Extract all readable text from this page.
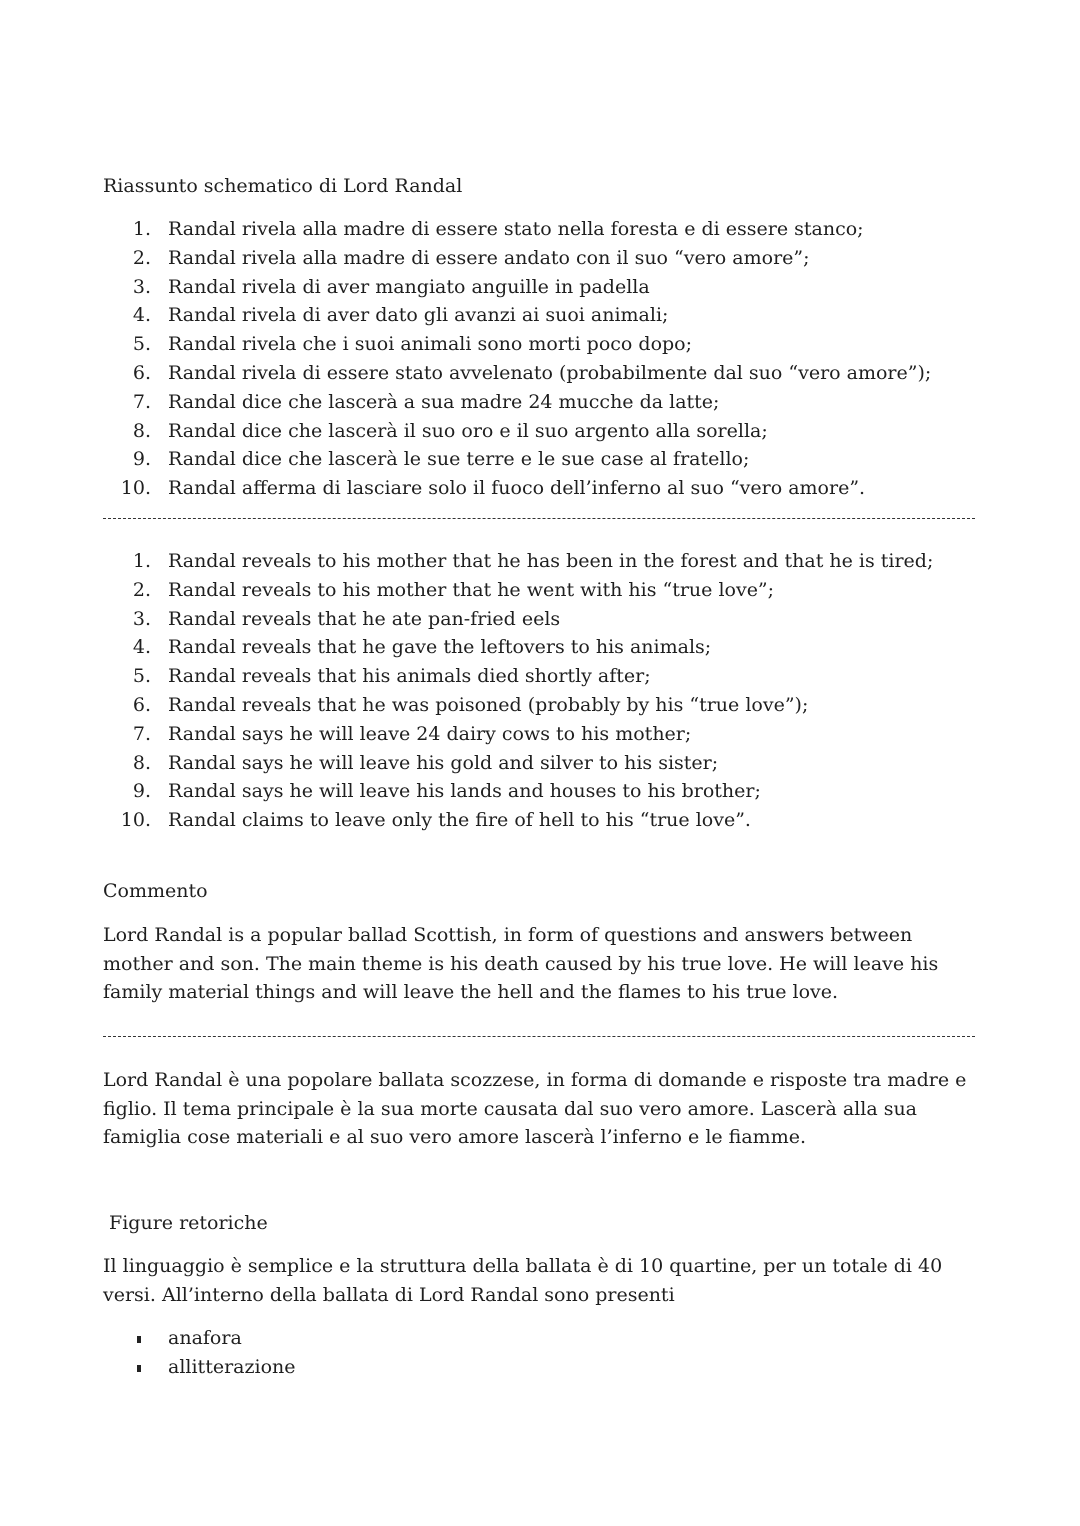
Riassunto schematico di Lord Randal

1. Randal rivela alla madre di essere stato nella foresta e di essere stanco;
2. Randal rivela alla madre di essere andato con il suo “vero amore”;
3. Randal rivela di aver mangiato anguille in padella
4. Randal rivela di aver dato gli avanzi ai suoi animali;
5. Randal rivela che i suoi animali sono morti poco dopo;
6. Randal rivela di essere stato avvelenato (probabilmente dal suo “vero amore”);
7. Randal dice che lascerà a sua madre 24 mucche da latte;
8. Randal dice che lascerà il suo oro e il suo argento alla sorella;
9. Randal dice che lascerà le sue terre e le sue case al fratello;
10. Randal afferma di lasciare solo il fuoco dell’inferno al suo “vero amore”.
1. Randal reveals to his mother that he has been in the forest and that he is tired;
2. Randal reveals to his mother that he went with his “true love”;
3. Randal reveals that he ate pan-fried eels
4. Randal reveals that he gave the leftovers to his animals;
5. Randal reveals that his animals died shortly after;
6. Randal reveals that he was poisoned (probably by his “true love”);
7. Randal says he will leave 24 dairy cows to his mother;
8. Randal says he will leave his gold and silver to his sister;
9. Randal says he will leave his lands and houses to his brother;
10. Randal claims to leave only the fire of hell to his “true love”.

Commento

Lord Randal is a popular ballad Scottish, in form of questions and answers between mother and son. The main theme is his death caused by his true love. He will leave his family material things and will leave the hell and the flames to his true love.

Lord Randal è una popolare ballata scozzese, in forma di domande e risposte tra madre e figlio. Il tema principale è la sua morte causata dal suo vero amore. Lascerà alla sua famiglia cose materiali e al suo vero amore lascerà l’inferno e le fiamme.

Figure retoriche

Il linguaggio è semplice e la struttura della ballata è di 10 quartine, per un totale di 40 versi. All’interno della ballata di Lord Randal sono presenti

anafora
allitterazione
